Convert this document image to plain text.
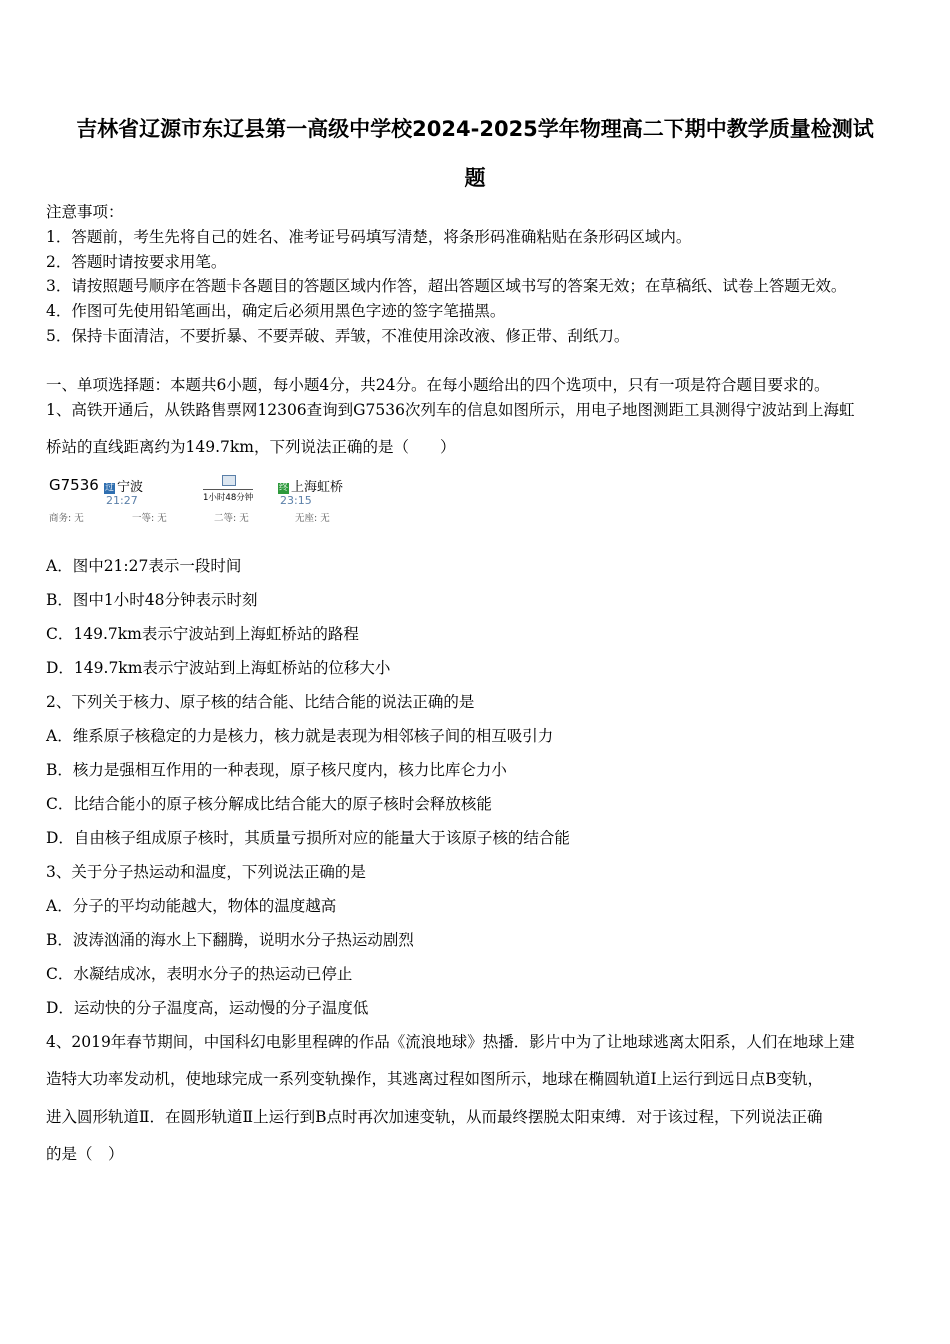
吉林省辽源市东辽县第一高级中学校2024-2025学年物理高二下期中教学质量检测试
题
注意事项：
1．答题前，考生先将自己的姓名、准考证号码填写清楚，将条形码准确粘贴在条形码区域内。
2．答题时请按要求用笔。
3．请按照题号顺序在答题卡各题目的答题区域内作答，超出答题区域书写的答案无效；在草稿纸、试卷上答题无效。
4．作图可先使用铅笔画出，确定后必须用黑色字迹的签字笔描黑。
5．保持卡面清洁，不要折暴、不要弄破、弄皱，不准使用涂改液、修正带、刮纸刀。
一、单项选择题：本题共6小题，每小题4分，共24分。在每小题给出的四个选项中，只有一项是符合题目要求的。
1、高铁开通后，从铁路售票网12306查询到G7536次列车的信息如图所示，用电子地图测距工具测得宁波站到上海虹
桥站的直线距离约为149.7km，下列说法正确的是（　　）
G7536 过 宁波
21:27	1小时48分钟
终 上海虹桥
23:15
商务: 无	一等: 无	二等: 无	无座: 无
A．图中21:27表示一段时间
B．图中1小时48分钟表示时刻
C．149.7km表示宁波站到上海虹桥站的路程
D．149.7km表示宁波站到上海虹桥站的位移大小
2、下列关于核力、原子核的结合能、比结合能的说法正确的是
A．维系原子核稳定的力是核力，核力就是表现为相邻核子间的相互吸引力
B．核力是强相互作用的一种表现，原子核尺度内，核力比库仑力小
C．比结合能小的原子核分解成比结合能大的原子核时会释放核能
D．自由核子组成原子核时，其质量亏损所对应的能量大于该原子核的结合能
3、关于分子热运动和温度，下列说法正确的是
A．分子的平均动能越大，物体的温度越高
B．波涛汹涌的海水上下翻腾，说明水分子热运动剧烈
C．水凝结成冰，表明水分子的热运动已停止
D．运动快的分子温度高，运动慢的分子温度低
4、2019年春节期间，中国科幻电影里程碑的作品《流浪地球》热播．影片中为了让地球逃离太阳系，人们在地球上建
造特大功率发动机，使地球完成一系列变轨操作，其逃离过程如图所示，地球在椭圆轨道I上运行到远日点B变轨，
进入圆形轨道Ⅱ．在圆形轨道Ⅱ上运行到B点时再次加速变轨，从而最终摆脱太阳束缚．对于该过程，下列说法正确
的是（　）
